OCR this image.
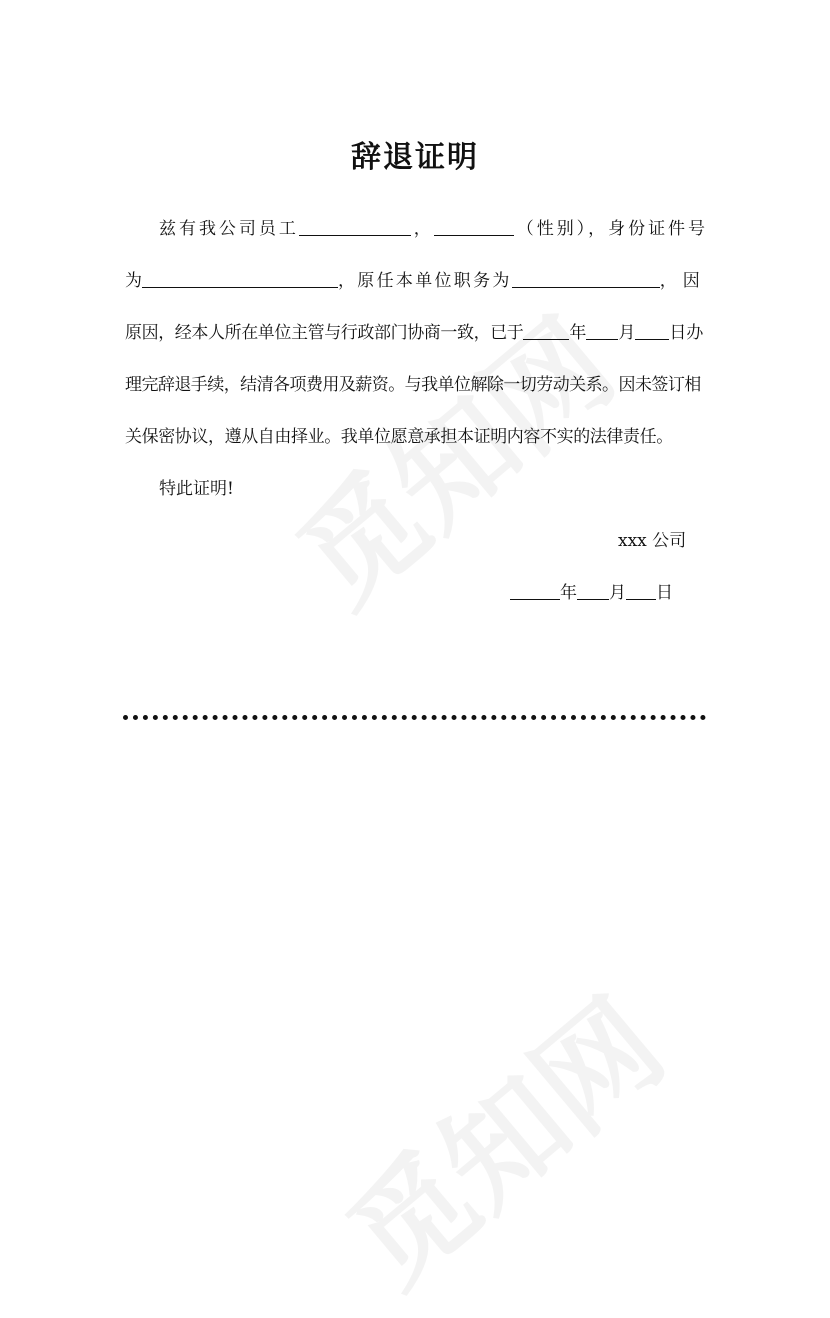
辞退证明
兹有我公司员工	，	（性别），身份证件号
为	，原任本单位职务为	，因
原因，经本人所在单位主管与行政部门协商一致，已于	年 月 日办
理完辞退手续，结清各项费用及薪资。与我单位解除一切劳动关系。因未签订相
关保密协议，遵从自由择业。我单位愿意承担本证明内容不实的法律责任。
特此证明!
xxx 公司
年 月 日
